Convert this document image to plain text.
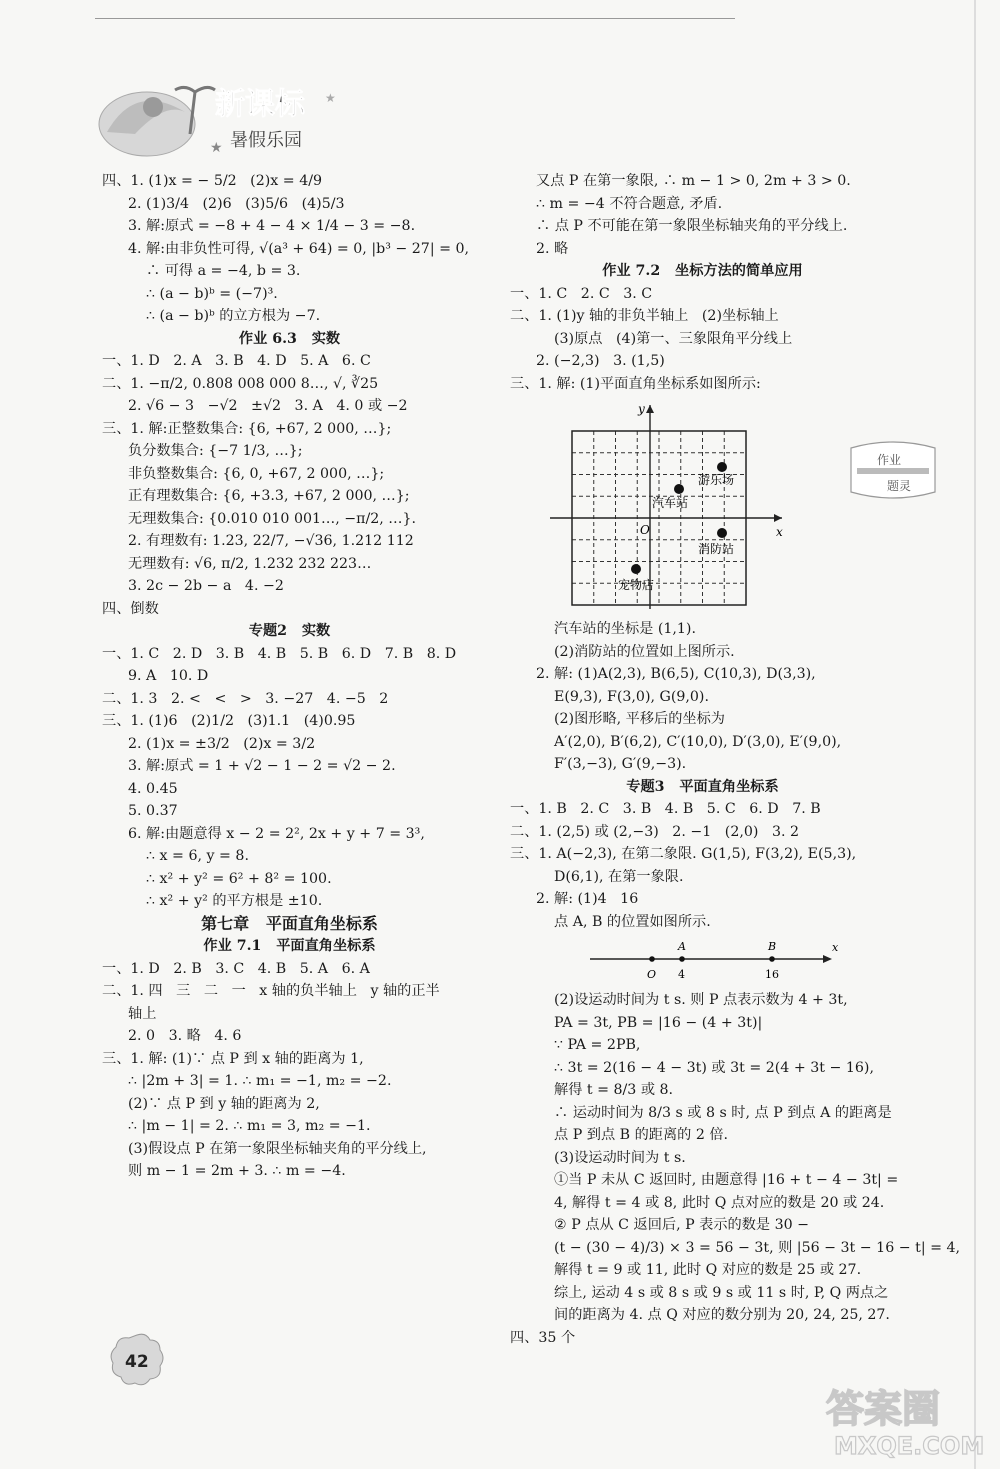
新课标
暑假乐园
★
★
四、1. (1)x = − 5/2   (2)x = 4/9
2. (1)3/4   (2)6   (3)5/6   (4)5/3
3. 解:原式 = −8 + 4 − 4 × 1/4 − 3 = −8.
4. 解:由非负性可得, √(a³ + 64) = 0, |b³ − 27| = 0,
∴ 可得 a = −4, b = 3.
∴ (a − b)ᵇ = (−7)³.
∴ (a − b)ᵇ 的立方根为 −7.
作业 6.3   实数
一、1. D   2. A   3. B   4. D   5. A   6. C
二、1. −π/2, 0.808 008 000 8…, √, ∛25
2. √6 − 3   −√2   ±√2   3. A   4. 0 或 −2
三、1. 解:正整数集合: {6, +67, 2 000, …};
负分数集合: {−7 1/3, …};
非负整数集合: {6, 0, +67, 2 000, …};
正有理数集合: {6, +3.3̇, +67, 2 000, …};
无理数集合: {0.010 010 001…, −π/2, …}.
2. 有理数有: 1.23, 22/7, −√36, 1.212 112
无理数有: √6, π/2, 1.232 232 223…
3. 2c − 2b − a   4. −2
四、倒数
专题2   实数
一、1. C   2. D   3. B   4. B   5. B   6. D   7. B   8. D
9. A   10. D
二、1. 3   2. <   <   >   3. −27   4. −5   2
三、1. (1)6   (2)1/2   (3)1.1   (4)0.95
2. (1)x = ±3/2   (2)x = 3/2
3. 解:原式 = 1 + √2 − 1 − 2 = √2 − 2.
4. 0.45
5. 0.37
6. 解:由题意得 x − 2 = 2², 2x + y + 7 = 3³,
∴ x = 6, y = 8.
∴ x² + y² = 6² + 8² = 100.
∴ x² + y² 的平方根是 ±10.
第七章   平面直角坐标系
作业 7.1   平面直角坐标系
一、1. D   2. B   3. C   4. B   5. A   6. A
二、1. 四   三   二   一   x 轴的负半轴上   y 轴的正半
轴上
2. 0   3. 略   4. 6
三、1. 解: (1)∵ 点 P 到 x 轴的距离为 1,
∴ |2m + 3| = 1. ∴ m₁ = −1, m₂ = −2.
(2)∵ 点 P 到 y 轴的距离为 2,
∴ |m − 1| = 2. ∴ m₁ = 3, m₂ = −1.
(3)假设点 P 在第一象限坐标轴夹角的平分线上,
则 m − 1 = 2m + 3. ∴ m = −4.
又点 P 在第一象限, ∴ m − 1 > 0, 2m + 3 > 0.
∴ m = −4 不符合题意, 矛盾.
∴ 点 P 不可能在第一象限坐标轴夹角的平分线上.
2. 略
作业 7.2   坐标方法的简单应用
一、1. C   2. C   3. C
二、1. (1)y 轴的非负半轴上   (2)坐标轴上
(3)原点   (4)第一、三象限角平分线上
2. (−2,3)   3. (1,5)
三、1. 解: (1)平面直角坐标系如图所示:
x
y
O
游乐场
汽车站
消防站
宠物店
汽车站的坐标是 (1,1).
(2)消防站的位置如上图所示.
2. 解: (1)A(2,3), B(6,5), C(10,3), D(3,3),
E(9,3), F(3,0), G(9,0).
(2)图形略, 平移后的坐标为
A′(2,0), B′(6,2), C′(10,0), D′(3,0), E′(9,0),
F′(3,−3), G′(9,−3).
专题3   平面直角坐标系
一、1. B   2. C   3. B   4. B   5. C   6. D   7. B
二、1. (2,5) 或 (2,−3)   2. −1   (2,0)   3. 2
三、1. A(−2,3), 在第二象限. G(1,5), F(3,2), E(5,3),
D(6,1), 在第一象限.
2. 解: (1)4   16
点 A, B 的位置如图所示.
x
O
A
4
B
16
(2)设运动时间为 t s. 则 P 点表示数为 4 + 3t,
PA = 3t, PB = |16 − (4 + 3t)|
∵ PA = 2PB,
∴ 3t = 2(16 − 4 − 3t) 或 3t = 2(4 + 3t − 16),
解得 t = 8/3 或 8.
∴ 运动时间为 8/3 s 或 8 s 时, 点 P 到点 A 的距离是
点 P 到点 B 的距离的 2 倍.
(3)设运动时间为 t s.
①当 P 未从 C 返回时, 由题意得 |16 + t − 4 − 3t| =
4, 解得 t = 4 或 8, 此时 Q 点对应的数是 20 或 24.
② P 点从 C 返回后, P 表示的数是 30 −
(t − (30 − 4)/3) × 3 = 56 − 3t, 则 |56 − 3t − 16 − t| = 4,
解得 t = 9 或 11, 此时 Q 对应的数是 25 或 27.
综上, 运动 4 s 或 8 s 或 9 s 或 11 s 时, P, Q 两点之
间的距离为 4. 点 Q 对应的数分别为 20, 24, 25, 27.
四、35 个
作业
题灵
42
答案圈
MXQE.COM
